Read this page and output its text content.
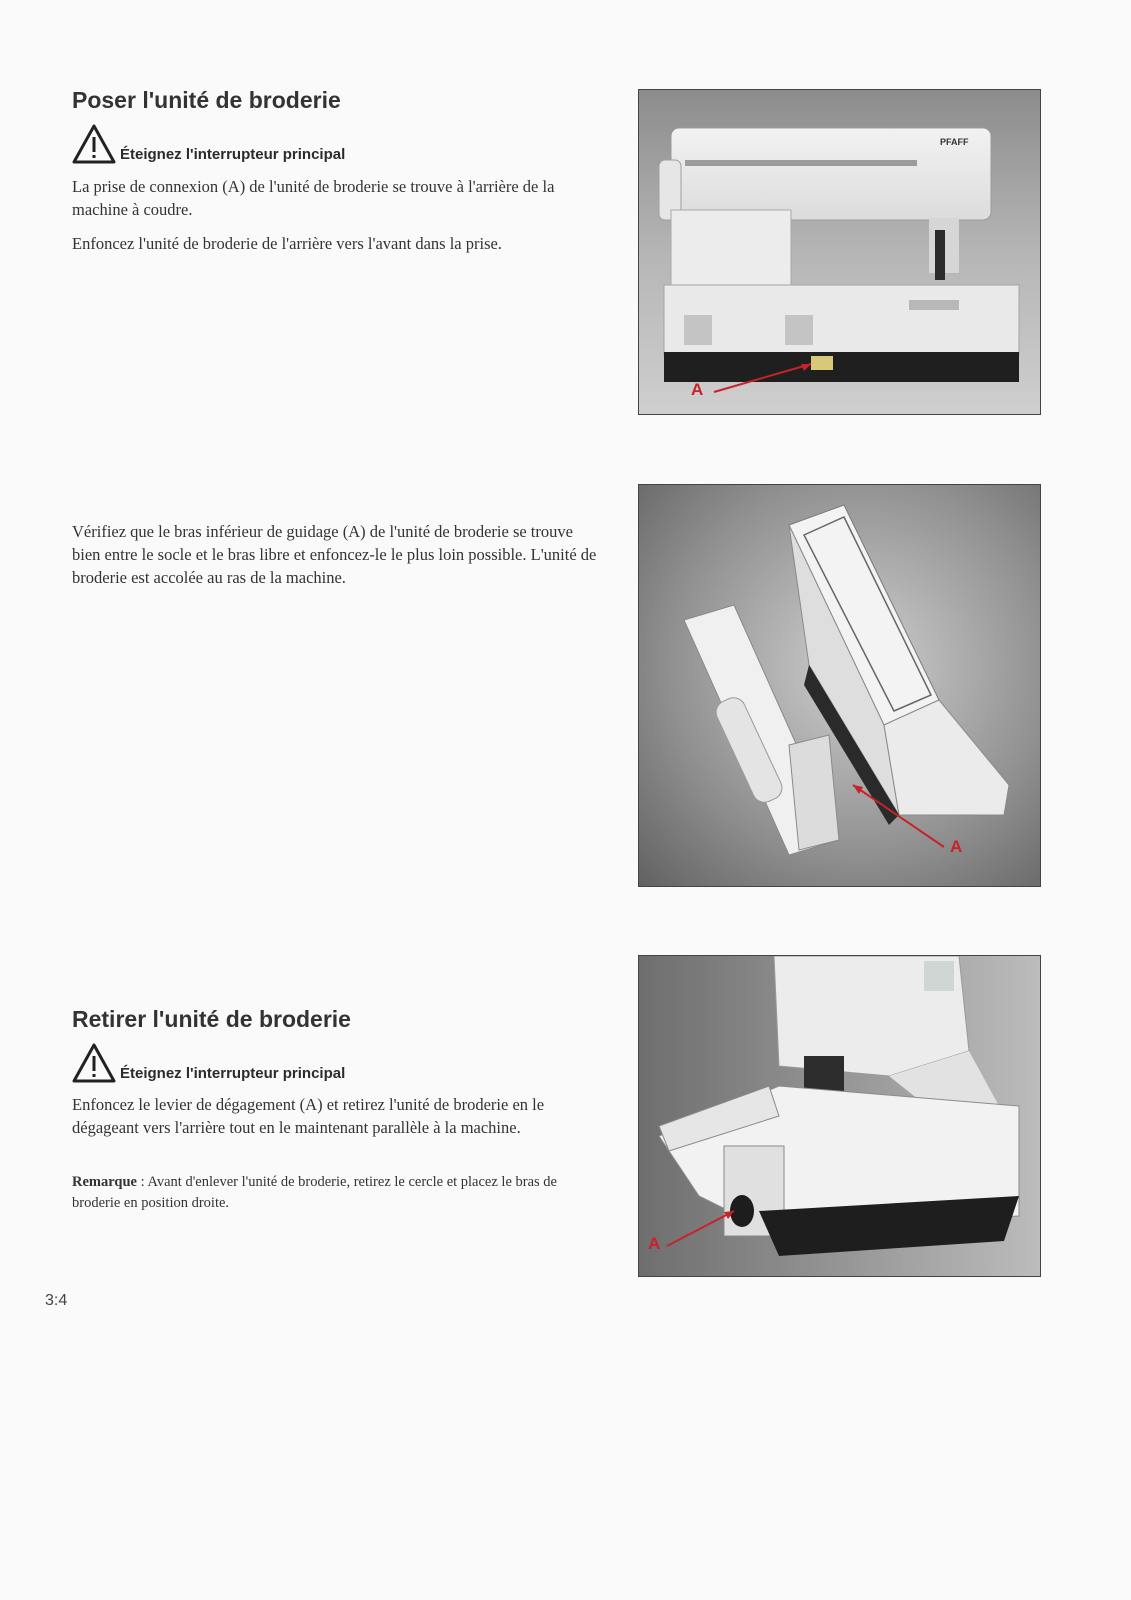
Poser l'unité de broderie
Éteignez l'interrupteur principal

La prise de connexion (A) de l'unité de broderie se trouve à l'arrière de la machine à coudre.

Enfoncez l'unité de broderie de l'arrière vers l'avant dans la prise.

PFAFF
A

Vérifiez que le bras inférieur de guidage (A) de l'unité de broderie se trouve bien entre le socle et le bras libre et enfoncez-le le plus loin possible. L'unité de broderie est accolée au ras de la machine.

A
Retirer l'unité de broderie
Éteignez l'interrupteur principal

Enfoncez le levier de dégagement (A) et retirez l'unité de broderie en le dégageant vers l'arrière tout en le maintenant parallèle à la machine.

Remarque : Avant d'enlever l'unité de broderie, retirez le cercle et placez le bras de broderie en position droite.

A
3:4
